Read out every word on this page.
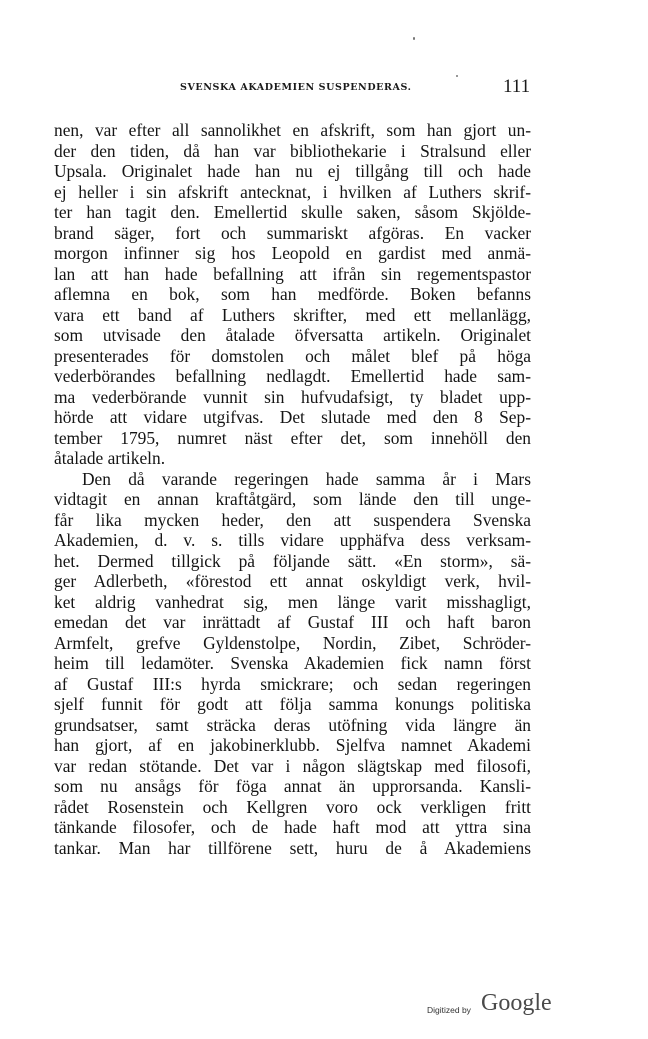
SVENSKA AKADEMIEN SUSPENDERAS.	111
nen, var efter all sannolikhet en afskrift, som han gjort un-
der den tiden, då han var bibliothekarie i Stralsund eller
Upsala. Originalet hade han nu ej tillgång till och hade
ej heller i sin afskrift antecknat, i hvilken af Luthers skrif-
ter han tagit den. Emellertid skulle saken, såsom Skjölde-
brand säger, fort och summariskt afgöras. En vacker
morgon infinner sig hos Leopold en gardist med anmä-
lan att han hade befallning att ifrån sin regementspastor
aflemna en bok, som han medförde. Boken befanns
vara ett band af Luthers skrifter, med ett mellanlägg,
som utvisade den åtalade öfversatta artikeln. Originalet
presenterades för domstolen och målet blef på höga
vederbörandes befallning nedlagdt. Emellertid hade sam-
ma vederbörande vunnit sin hufvudafsigt, ty bladet upp-
hörde att vidare utgifvas. Det slutade med den 8 Sep-
tember 1795, numret näst efter det, som innehöll den
åtalade artikeln.
Den då varande regeringen hade samma år i Mars
vidtagit en annan kraftåtgärd, som lände den till unge-
får lika mycken heder, den att suspendera Svenska
Akademien, d. v. s. tills vidare upphäfva dess verksam-
het. Dermed tillgick på följande sätt. «En storm», sä-
ger Adlerbeth, «förestod ett annat oskyldigt verk, hvil-
ket aldrig vanhedrat sig, men länge varit misshagligt,
emedan det var inrättadt af Gustaf III och haft baron
Armfelt, grefve Gyldenstolpe, Nordin, Zibet, Schröder-
heim till ledamöter. Svenska Akademien fick namn först
af Gustaf III:s hyrda smickrare; och sedan regeringen
sjelf funnit för godt att följa samma konungs politiska
grundsatser, samt sträcka deras utöfning vida längre än
han gjort, af en jakobinerklubb. Sjelfva namnet Akademi
var redan stötande. Det var i någon slägtskap med filosofi,
som nu ansågs för föga annat än upprorsanda. Kansli-
rådet Rosenstein och Kellgren voro ock verkligen fritt
tänkande filosofer, och de hade haft mod att yttra sina
tankar. Man har tillförene sett, huru de å Akademiens
Digitized by Google
